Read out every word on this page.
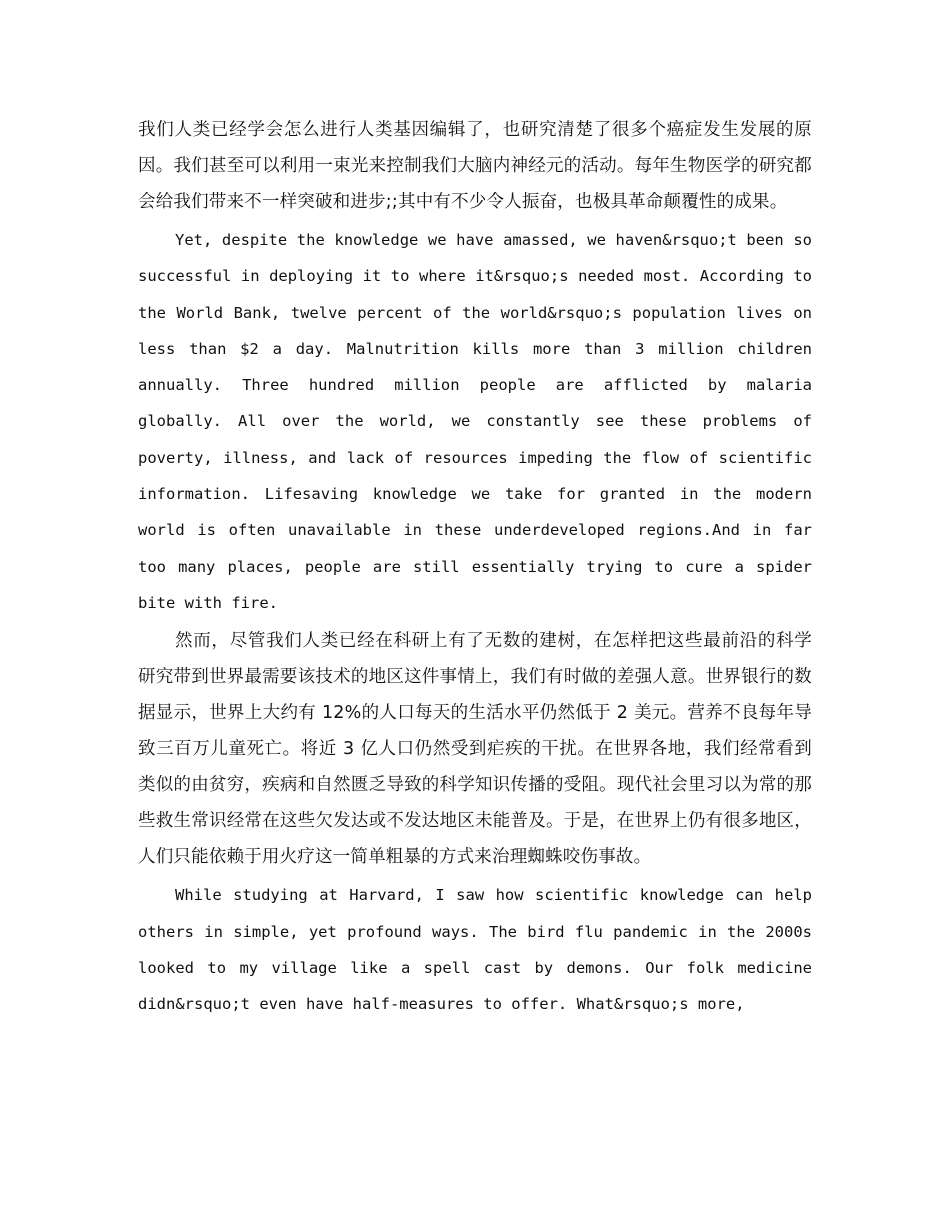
我们人类已经学会怎么进行人类基因编辑了，也研究清楚了很多个癌症发生发展的原因。我们甚至可以利用一束光来控制我们大脑内神经元的活动。每年生物医学的研究都会给我们带来不一样突破和进步;;其中有不少令人振奋，也极具革命颠覆性的成果。

Yet, despite the knowledge we have amassed, we haven&rsquo;t been so successful in deploying it to where it&rsquo;s needed most. According to the World Bank, twelve percent of the world&rsquo;s population lives on less than $2 a day. Malnutrition kills more than 3 million children annually. Three hundred million people are afflicted by malaria globally. All over the world, we constantly see these problems of poverty, illness, and lack of resources impeding the flow of scientific information. Lifesaving knowledge we take for granted in the modern world is often unavailable in these underdeveloped regions.And in far too many places, people are still essentially trying to cure a spider bite with fire.

然而，尽管我们人类已经在科研上有了无数的建树，在怎样把这些最前沿的科学研究带到世界最需要该技术的地区这件事情上，我们有时做的差强人意。世界银行的数据显示，世界上大约有 12%的人口每天的生活水平仍然低于 2 美元。营养不良每年导致三百万儿童死亡。将近 3 亿人口仍然受到疟疾的干扰。在世界各地，我们经常看到类似的由贫穷，疾病和自然匮乏导致的科学知识传播的受阻。现代社会里习以为常的那些救生常识经常在这些欠发达或不发达地区未能普及。于是，在世界上仍有很多地区，人们只能依赖于用火疗这一简单粗暴的方式来治理蜘蛛咬伤事故。

While studying at Harvard, I saw how scientific knowledge can help others in simple, yet profound ways. The bird flu pandemic in the 2000s looked to my village like a spell cast by demons. Our folk medicine didn&rsquo;t even have half-measures to offer. What&rsquo;s more,
